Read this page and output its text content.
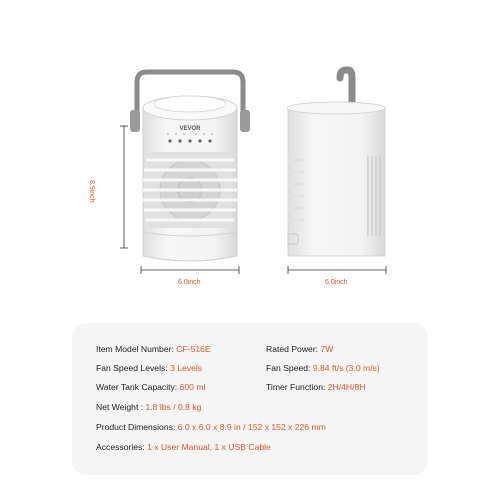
VEVOR
8.9inch
6.0inch	6.0inch
Item Model Number: CF-516E	Rated Power: 7W
Fan Speed Levels: 3 Levels	Fan Speed: 9.84 ft/s (3.0 m/s)
Water Tank Capacity: 600 ml	Timer Function: 2H/4H/8H
Net Weight : 1.8 lbs / 0.8 kg
Product Dimensions: 6.0 x 6.0 x 8.9 in / 152 x 152 x 226 mm
Accessories: 1 x User Manual, 1 x USB Cable
